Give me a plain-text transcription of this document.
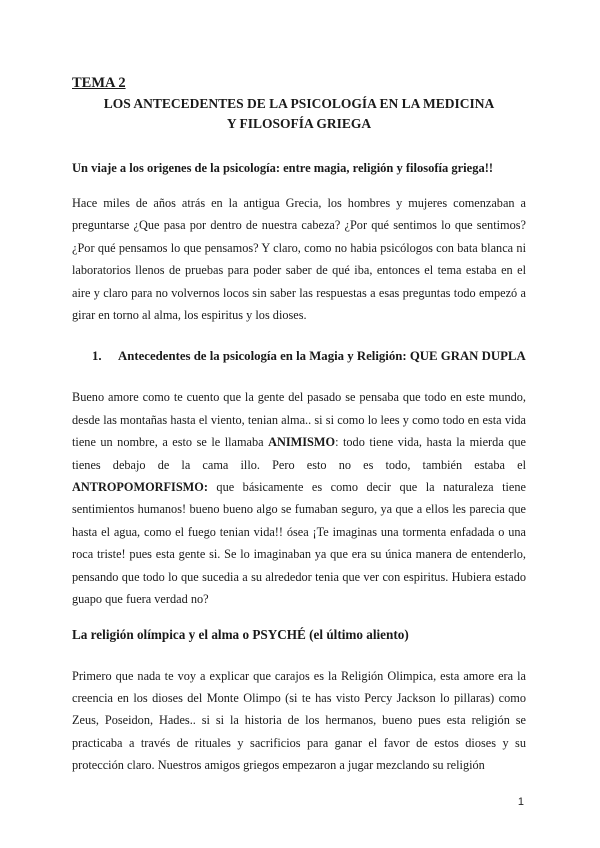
TEMA 2
LOS ANTECEDENTES DE LA PSICOLOGÍA EN LA MEDICINA Y FILOSOFÍA GRIEGA
Un viaje a los origenes de la psicología: entre magia, religión y filosofía griega!!

Hace miles de años atrás en la antigua Grecia, los hombres y mujeres comenzaban a preguntarse ¿Que pasa por dentro de nuestra cabeza? ¿Por qué sentimos lo que sentimos? ¿Por qué pensamos lo que pensamos? Y claro, como no habia psicólogos con bata blanca ni laboratorios llenos de pruebas para poder saber de qué iba, entonces el tema estaba en el aire y claro para no volvernos locos sin saber las respuestas a esas preguntas todo empezó a girar en torno al alma, los espiritus y los dioses.

1. Antecedentes de la psicología en la Magia y Religión: QUE GRAN DUPLA

Bueno amore como te cuento que la gente del pasado se pensaba que todo en este mundo, desde las montañas hasta el viento, tenian alma.. si si como lo lees y como todo en esta vida tiene un nombre, a esto se le llamaba ANIMISMO: todo tiene vida, hasta la mierda que tienes debajo de la cama illo. Pero esto no es todo, también estaba el ANTROPOMORFISMO: que básicamente es como decir que la naturaleza tiene sentimientos humanos! bueno bueno algo se fumaban seguro, ya que a ellos les parecia que hasta el agua, como el fuego tenian vida!! ósea ¡Te imaginas una tormenta enfadada o una roca triste! pues esta gente si. Se lo imaginaban ya que era su única manera de entenderlo, pensando que todo lo que sucedia a su alrededor tenia que ver con espiritus. Hubiera estado guapo que fuera verdad no?

La religión olímpica y el alma o PSYCHÉ (el último aliento)

Primero que nada te voy a explicar que carajos es la Religión Olimpica, esta amore era la creencia en los dioses del Monte Olimpo (si te has visto Percy Jackson lo pillaras) como Zeus, Poseidon, Hades.. si si la historia de los hermanos, bueno pues esta religión se practicaba a través de rituales y sacrificios para ganar el favor de estos dioses y su protección claro. Nuestros amigos griegos empezaron a jugar mezclando su religión

1
